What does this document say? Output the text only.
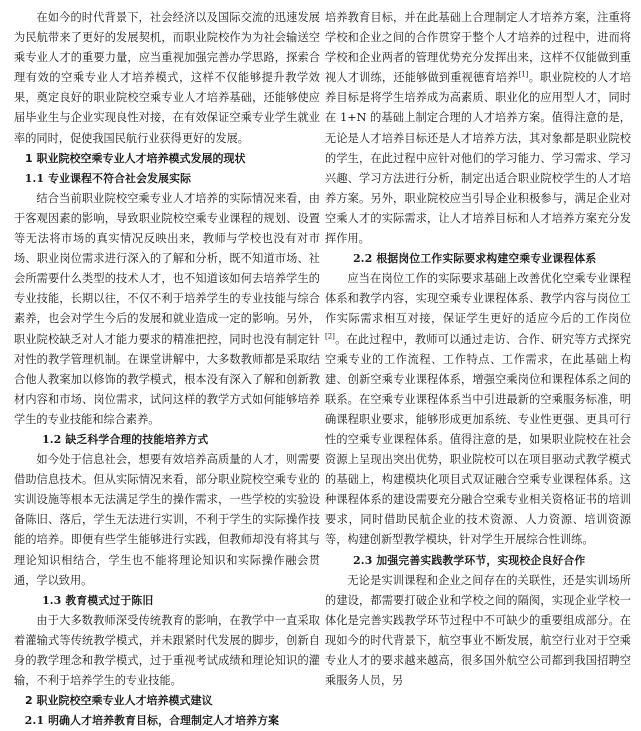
在如今的时代背景下，社会经济以及国际交流的迅速发展为民航带来了更好的发展契机，而职业院校作为为社会输送空乘专业人才的重要力量，应当重视加强完善办学思路，探索合理有效的空乘专业人才培养模式，这样不仅能够提升教学效果，奠定良好的职业院校空乘专业人才培养基础，还能够使应届毕业生与企业实现良性对接，在有效保证空乘专业学生就业率的同时，促使我国民航行业获得更好的发展。

1 职业院校空乘专业人才培养模式发展的现状

1.1 专业课程不符合社会发展实际

结合当前职业院校空乘专业人才培养的实际情况来看，由于客观因素的影响，导致职业院校空乘专业课程的规划、设置等无法将市场的真实情况反映出来，教师与学校也没有对市场、职业岗位需求进行深入的了解和分析，既不知道市场、社会所需要什么类型的技术人才，也不知道该如何去培养学生的专业技能，长期以往，不仅不利于培养学生的专业技能与综合素养，也会对学生今后的发展和就业造成一定的影响。另外，职业院校缺乏对人才能力要求的精准把控，同时也没有制定针对性的教学管理机制。在课堂讲解中，大多数教师都是采取结合他人教案加以修饰的教学模式，根本没有深入了解和创新教材内容和市场、岗位需求，试问这样的教学方式如何能够培养学生的专业技能和综合素养。

1.2 缺乏科学合理的技能培养方式

如今处于信息社会，想要有效培养高质量的人才，则需要借助信息技术。但从实际情况来看，部分职业院校空乘专业的实训设施等根本无法满足学生的操作需求，一些学校的实验设备陈旧、落后，学生无法进行实训，不利于学生的实际操作技能的培养。即便有些学生能够进行实践，但教师却没有将其与理论知识相结合，学生也不能将理论知识和实际操作融会贯通，学以致用。

1.3 教育模式过于陈旧

由于大多数教师深受传统教育的影响，在教学中一直采取着灌输式等传统教学模式，并未跟紧时代发展的脚步，创新自身的教学理念和教学模式，过于重视考试成绩和理论知识的灌输，不利于培养学生的专业技能。

2 职业院校空乘专业人才培养模式建议

2.1 明确人才培养教育目标，合理制定人才培养方案

培养教育目标，并在此基础上合理制定人才培养方案，注重将学校和企业之间的合作贯穿于整个人才培养的过程中，进而将学校和企业两者的管理优势充分发挥出来，这样不仅能做到重视人才训练，还能够做到重视德育培养[1]。职业院校的人才培养目标是将学生培养成为高素质、职业化的应用型人才，同时在 1+N 的基础上制定合理的人才培养方案。值得注意的是，无论是人才培养目标还是人才培养方法，其对象都是职业院校的学生，在此过程中应针对他们的学习能力、学习需求、学习兴趣、学习方法进行分析，制定出适合职业院校学生的人才培养方案。另外，职业院校应当引导企业积极参与，满足企业对空乘人才的实际需求，让人才培养目标和人才培养方案充分发挥作用。

2.2 根据岗位工作实际要求构建空乘专业课程体系

应当在岗位工作的实际要求基础上改善优化空乘专业课程体系和教学内容，实现空乘专业课程体系、教学内容与岗位工作实际需求相互对接，保证学生更好的适应今后的工作岗位[2]。在此过程中，教师可以通过走访、合作、研究等方式探究空乘专业的工作流程、工作特点、工作需求，在此基础上构建、创新空乘专业课程体系，增强空乘岗位和课程体系之间的联系。在空乘专业课程体系当中引进最新的空乘服务标准，明确课程职业要求，能够形成更加系统、专业性更强、更具可行性的空乘专业课程体系。值得注意的是，如果职业院校在社会资源上呈现出突出优势，职业院校可以在项目驱动式教学模式的基础上，构建模块化项目式双证融合空乘专业课程体系。这种课程体系的建设需要充分融合空乘专业相关资格证书的培训要求，同时借助民航企业的技术资源、人力资源、培训资源等，构建创新型教学模块，针对学生开展综合性训练。

2.3 加强完善实践教学环节，实现校企良好合作

无论是实训课程和企业之间存在的关联性，还是实训场所的建设，都需要打破企业和学校之间的隔阂，实现企业学校一体化是完善实践教学环节过程中不可缺少的重要组成部分。在现如今的时代背景下，航空事业不断发展，航空行业对于空乘专业人才的要求越来越高，很多国外航空公司都到我国招聘空乘服务人员，另
